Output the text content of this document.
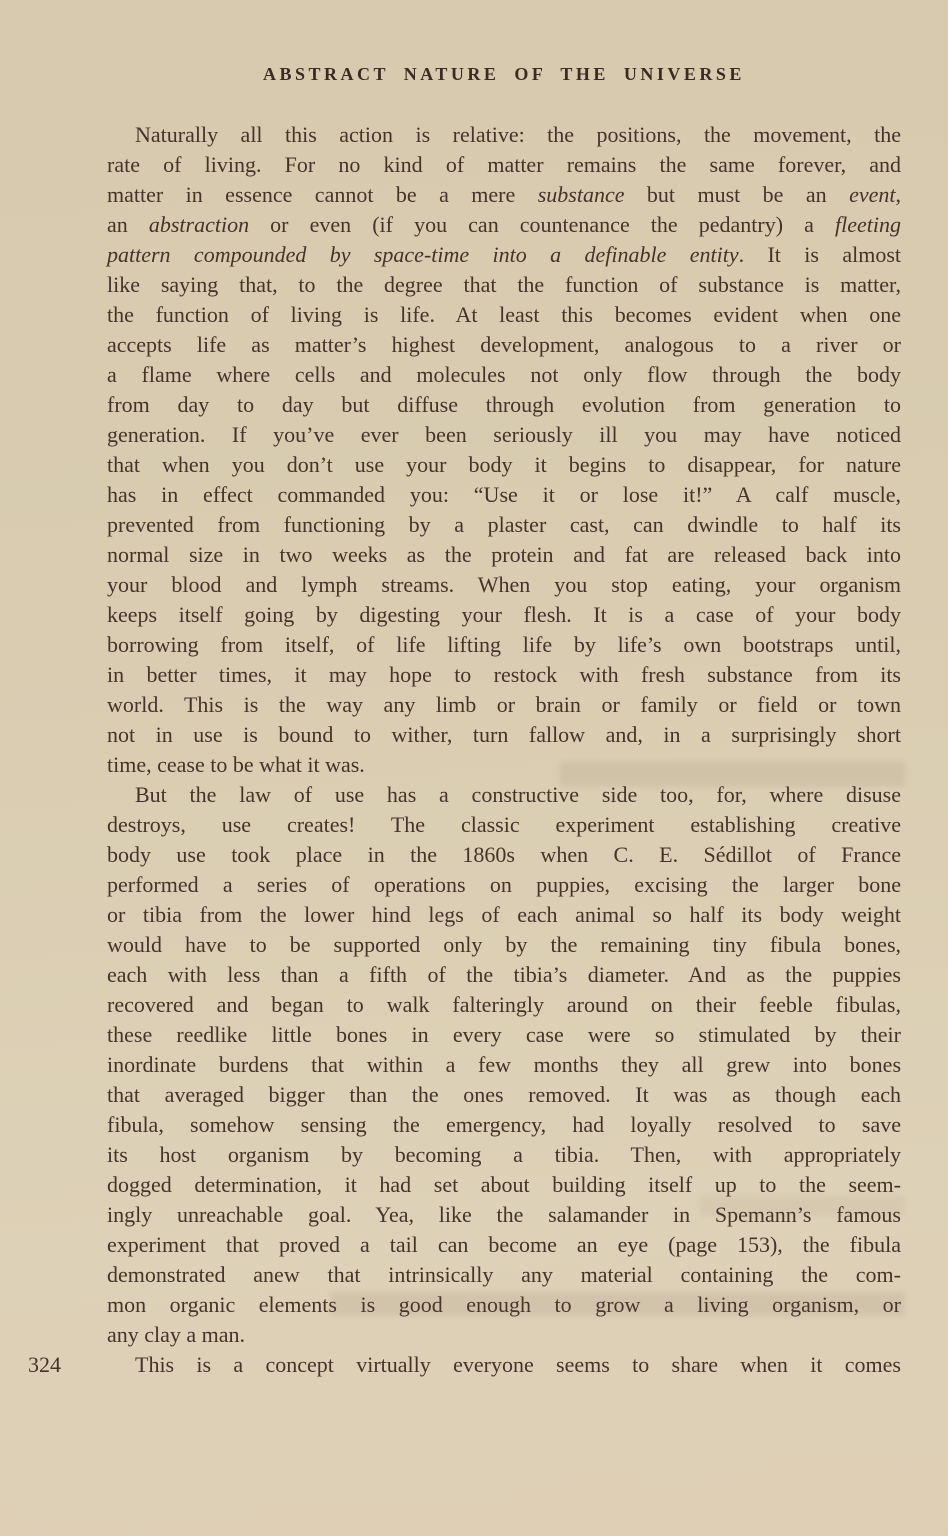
ABSTRACT NATURE OF THE UNIVERSE
Naturally all this action is relative: the positions, the movement, the
rate of living. For no kind of matter remains the same forever, and
matter in essence cannot be a mere substance but must be an event,
an abstraction or even (if you can countenance the pedantry) a fleeting
pattern compounded by space-time into a definable entity. It is almost
like saying that, to the degree that the function of substance is matter,
the function of living is life. At least this becomes evident when one
accepts life as matter’s highest development, analogous to a river or
a flame where cells and molecules not only flow through the body
from day to day but diffuse through evolution from generation to
generation. If you’ve ever been seriously ill you may have noticed
that when you don’t use your body it begins to disappear, for nature
has in effect commanded you: “Use it or lose it!” A calf muscle,
prevented from functioning by a plaster cast, can dwindle to half its
normal size in two weeks as the protein and fat are released back into
your blood and lymph streams. When you stop eating, your organism
keeps itself going by digesting your flesh. It is a case of your body
borrowing from itself, of life lifting life by life’s own bootstraps until,
in better times, it may hope to restock with fresh substance from its
world. This is the way any limb or brain or family or field or town
not in use is bound to wither, turn fallow and, in a surprisingly short
time, cease to be what it was.
But the law of use has a constructive side too, for, where disuse
destroys, use creates! The classic experiment establishing creative
body use took place in the 1860s when C. E. Sédillot of France
performed a series of operations on puppies, excising the larger bone
or tibia from the lower hind legs of each animal so half its body weight
would have to be supported only by the remaining tiny fibula bones,
each with less than a fifth of the tibia’s diameter. And as the puppies
recovered and began to walk falteringly around on their feeble fibulas,
these reedlike little bones in every case were so stimulated by their
inordinate burdens that within a few months they all grew into bones
that averaged bigger than the ones removed. It was as though each
fibula, somehow sensing the emergency, had loyally resolved to save
its host organism by becoming a tibia. Then, with appropriately
dogged determination, it had set about building itself up to the seem-
ingly unreachable goal. Yea, like the salamander in Spemann’s famous
experiment that proved a tail can become an eye (page 153), the fibula
demonstrated anew that intrinsically any material containing the com-
mon organic elements is good enough to grow a living organism, or
any clay a man.
This is a concept virtually everyone seems to share when it comes
324
